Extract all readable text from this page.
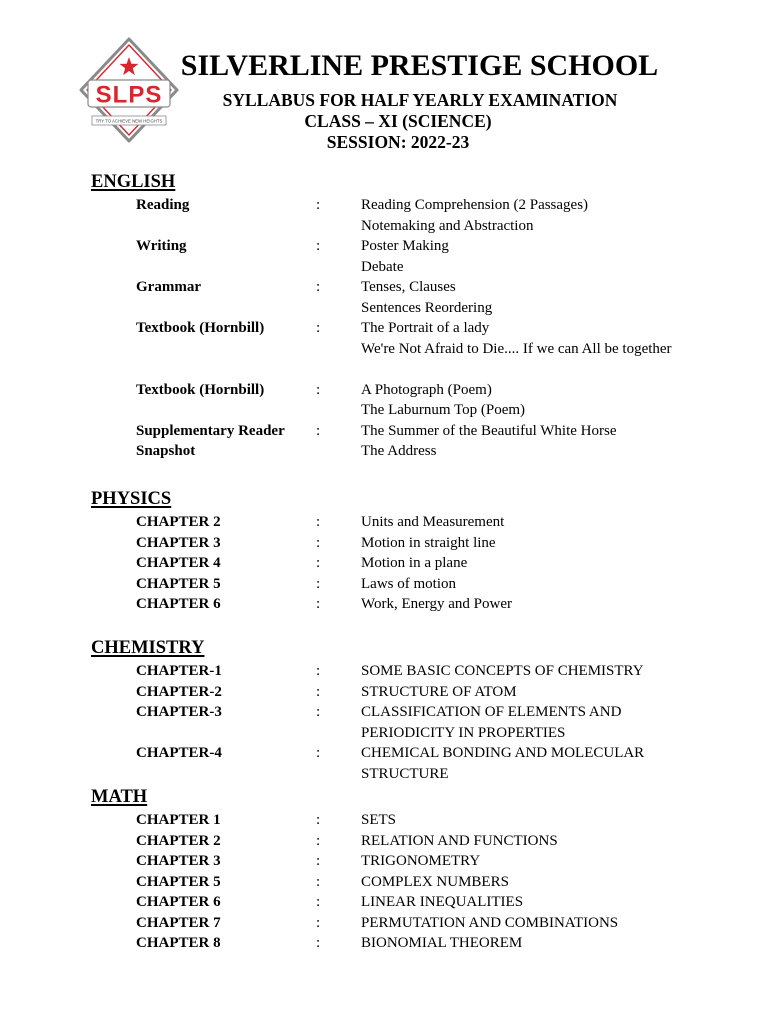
SLPS
TRY TO ACHIEVE NEW HEIGHTS
SILVERLINE PRESTIGE SCHOOL
SYLLABUS FOR HALF YEARLY EXAMINATION
CLASS – XI (SCIENCE)
SESSION: 2022-23
ENGLISH
Reading	:	Reading Comprehension (2 Passages)
Notemaking and Abstraction
Writing	:	Poster Making
Debate
Grammar	:	Tenses, Clauses
Sentences Reordering
Textbook (Hornbill)	:	The Portrait of a lady
We're Not Afraid to Die.... If we can All be together
Textbook (Hornbill)	:	A Photograph (Poem)
The Laburnum Top (Poem)
Supplementary Reader :	The Summer of the Beautiful White Horse
Snapshot	The Address
PHYSICS
CHAPTER 2	:	Units and Measurement
CHAPTER 3	:	Motion in straight line
CHAPTER 4	:	Motion in a plane
CHAPTER 5	:	Laws of motion
CHAPTER 6	:	Work, Energy and Power
CHEMISTRY
CHAPTER-1	:	SOME BASIC CONCEPTS OF CHEMISTRY
CHAPTER-2	:	STRUCTURE OF ATOM
CHAPTER-3	:	CLASSIFICATION OF ELEMENTS AND
PERIODICITY IN PROPERTIES
CHAPTER-4	:	CHEMICAL BONDING AND MOLECULAR
STRUCTURE
MATH
CHAPTER 1	:	SETS
CHAPTER 2	:	RELATION AND FUNCTIONS
CHAPTER 3	:	TRIGONOMETRY
CHAPTER 5	:	COMPLEX NUMBERS
CHAPTER 6	:	LINEAR INEQUALITIES
CHAPTER 7	:	PERMUTATION AND COMBINATIONS
CHAPTER 8	:	BIONOMIAL THEOREM
